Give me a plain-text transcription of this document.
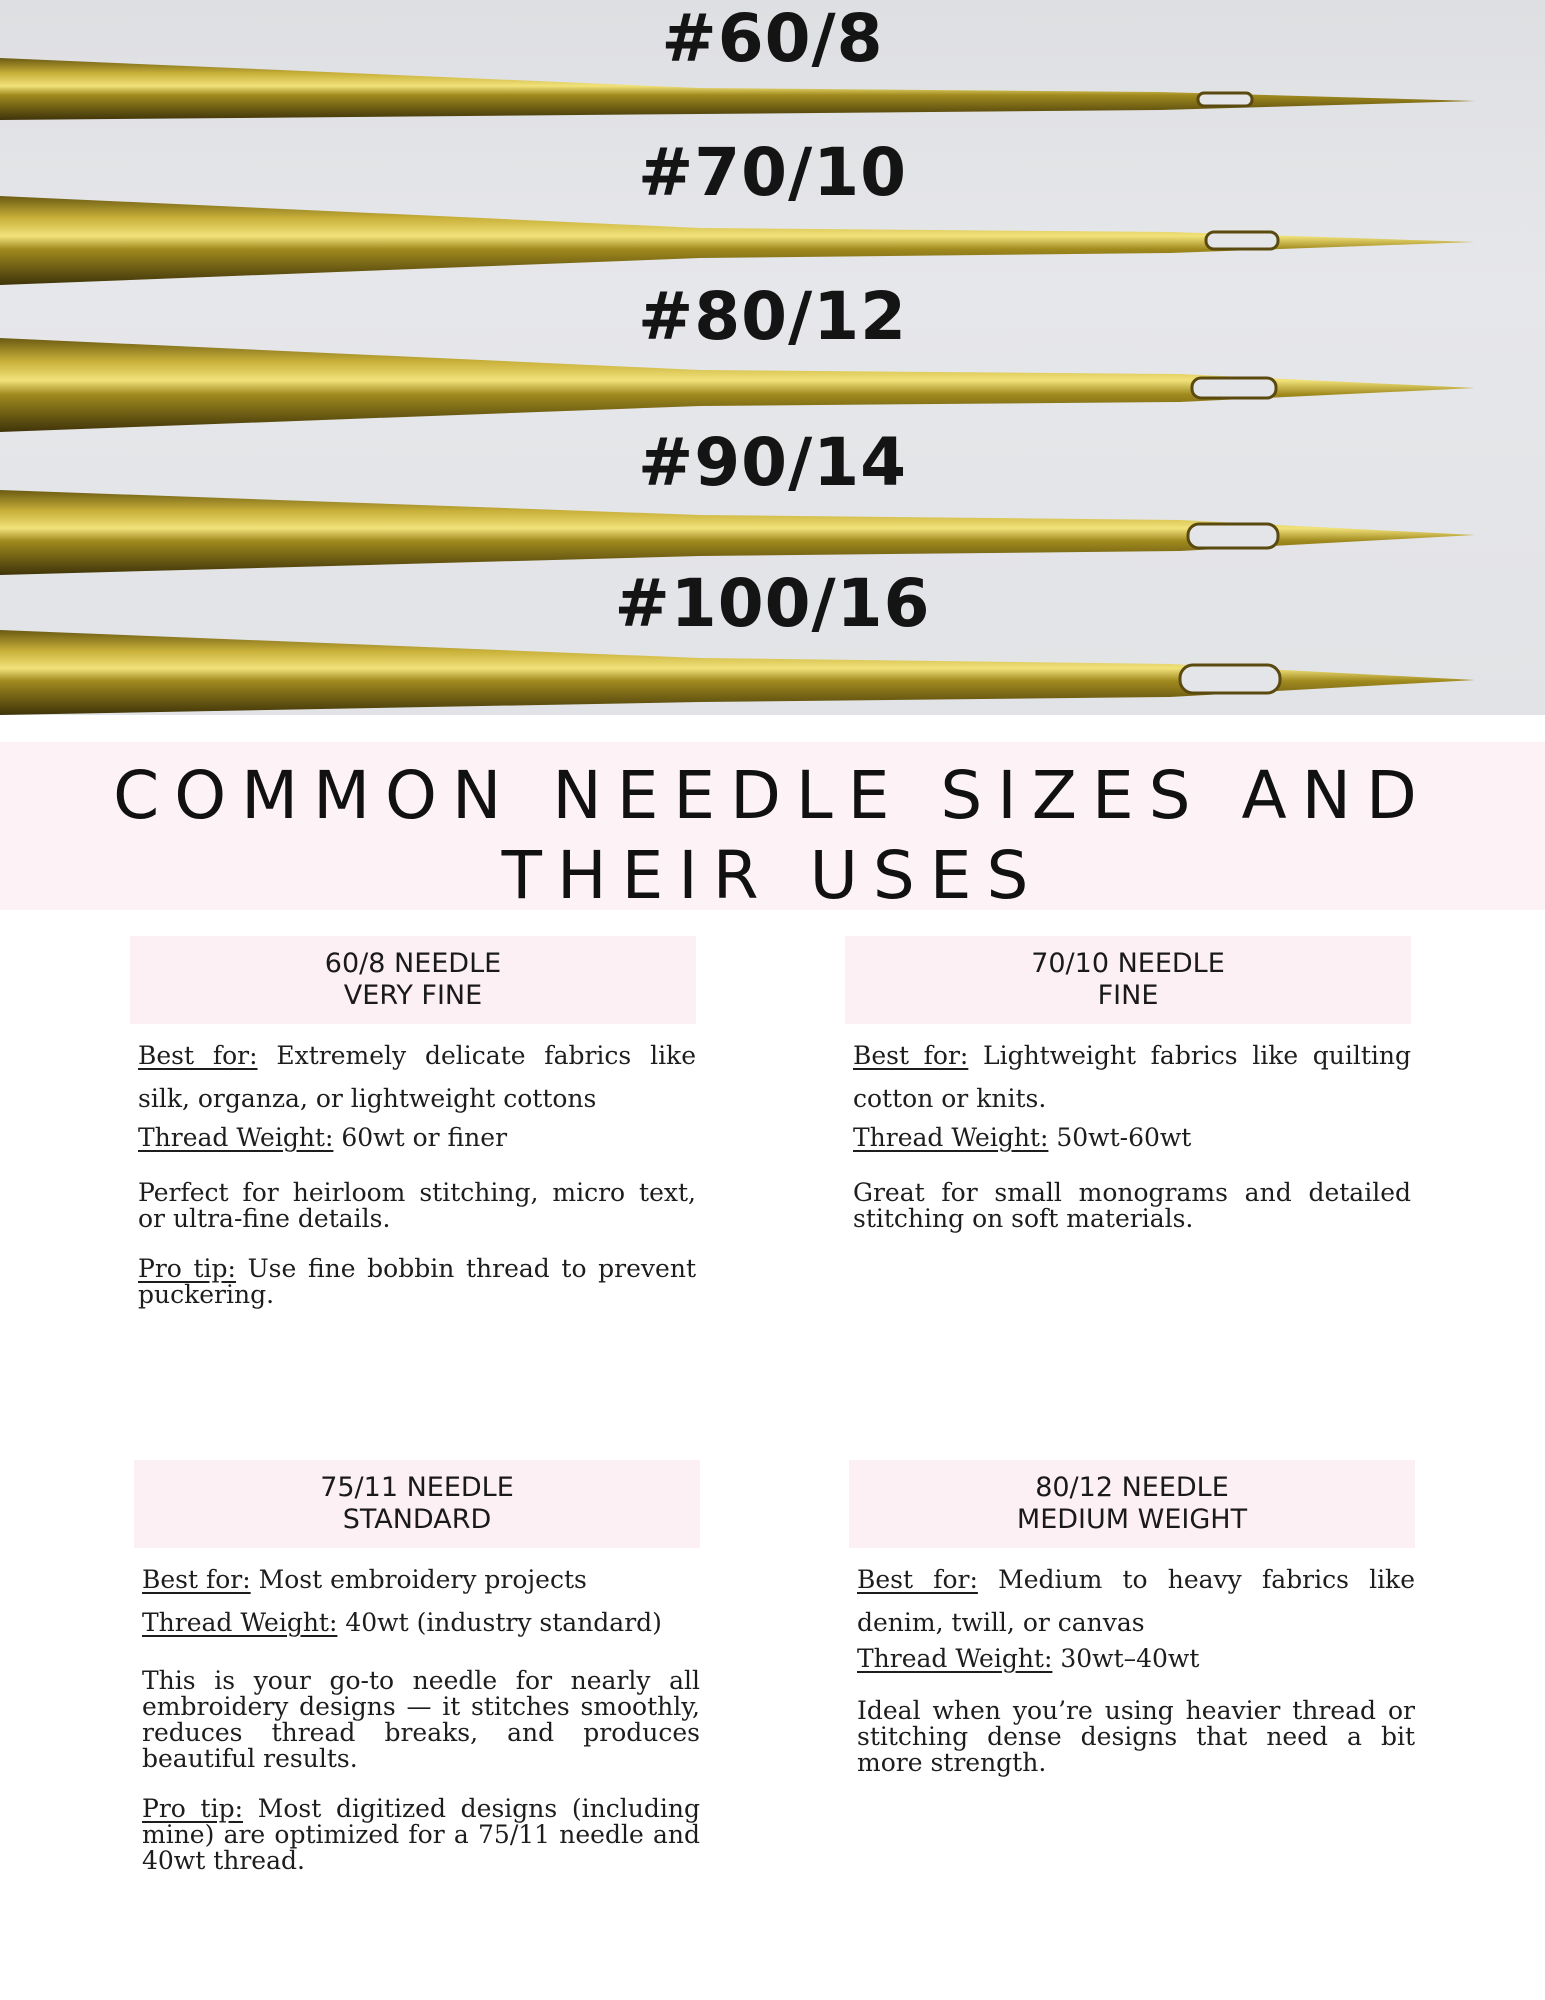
#60/8
#70/10
#80/12
#90/14
#100/16
COMMON NEEDLE SIZES AND
THEIR USES
60/8 NEEDLE
VERY FINE
Best for: Extremely delicate fabrics like silk, organza, or lightweight cottons
Thread Weight: 60wt or finer

Perfect for heirloom stitching, micro text, or ultra-fine details.

Pro tip: Use fine bobbin thread to prevent puckering.

70/10 NEEDLE
FINE
Best for: Lightweight fabrics like quilting cotton or knits.
Thread Weight: 50wt-60wt

Great for small monograms and detailed stitching on soft materials.

75/11 NEEDLE
STANDARD
Best for: Most embroidery projects
Thread Weight: 40wt (industry standard)

This is your go-to needle for nearly all embroidery designs — it stitches smoothly, reduces thread breaks, and produces beautiful results.

Pro tip: Most digitized designs (including mine) are optimized for a 75/11 needle and 40wt thread.

80/12 NEEDLE
MEDIUM WEIGHT
Best for: Medium to heavy fabrics like denim, twill, or canvas
Thread Weight: 30wt–40wt

Ideal when you’re using heavier thread or stitching dense designs that need a bit more strength.
